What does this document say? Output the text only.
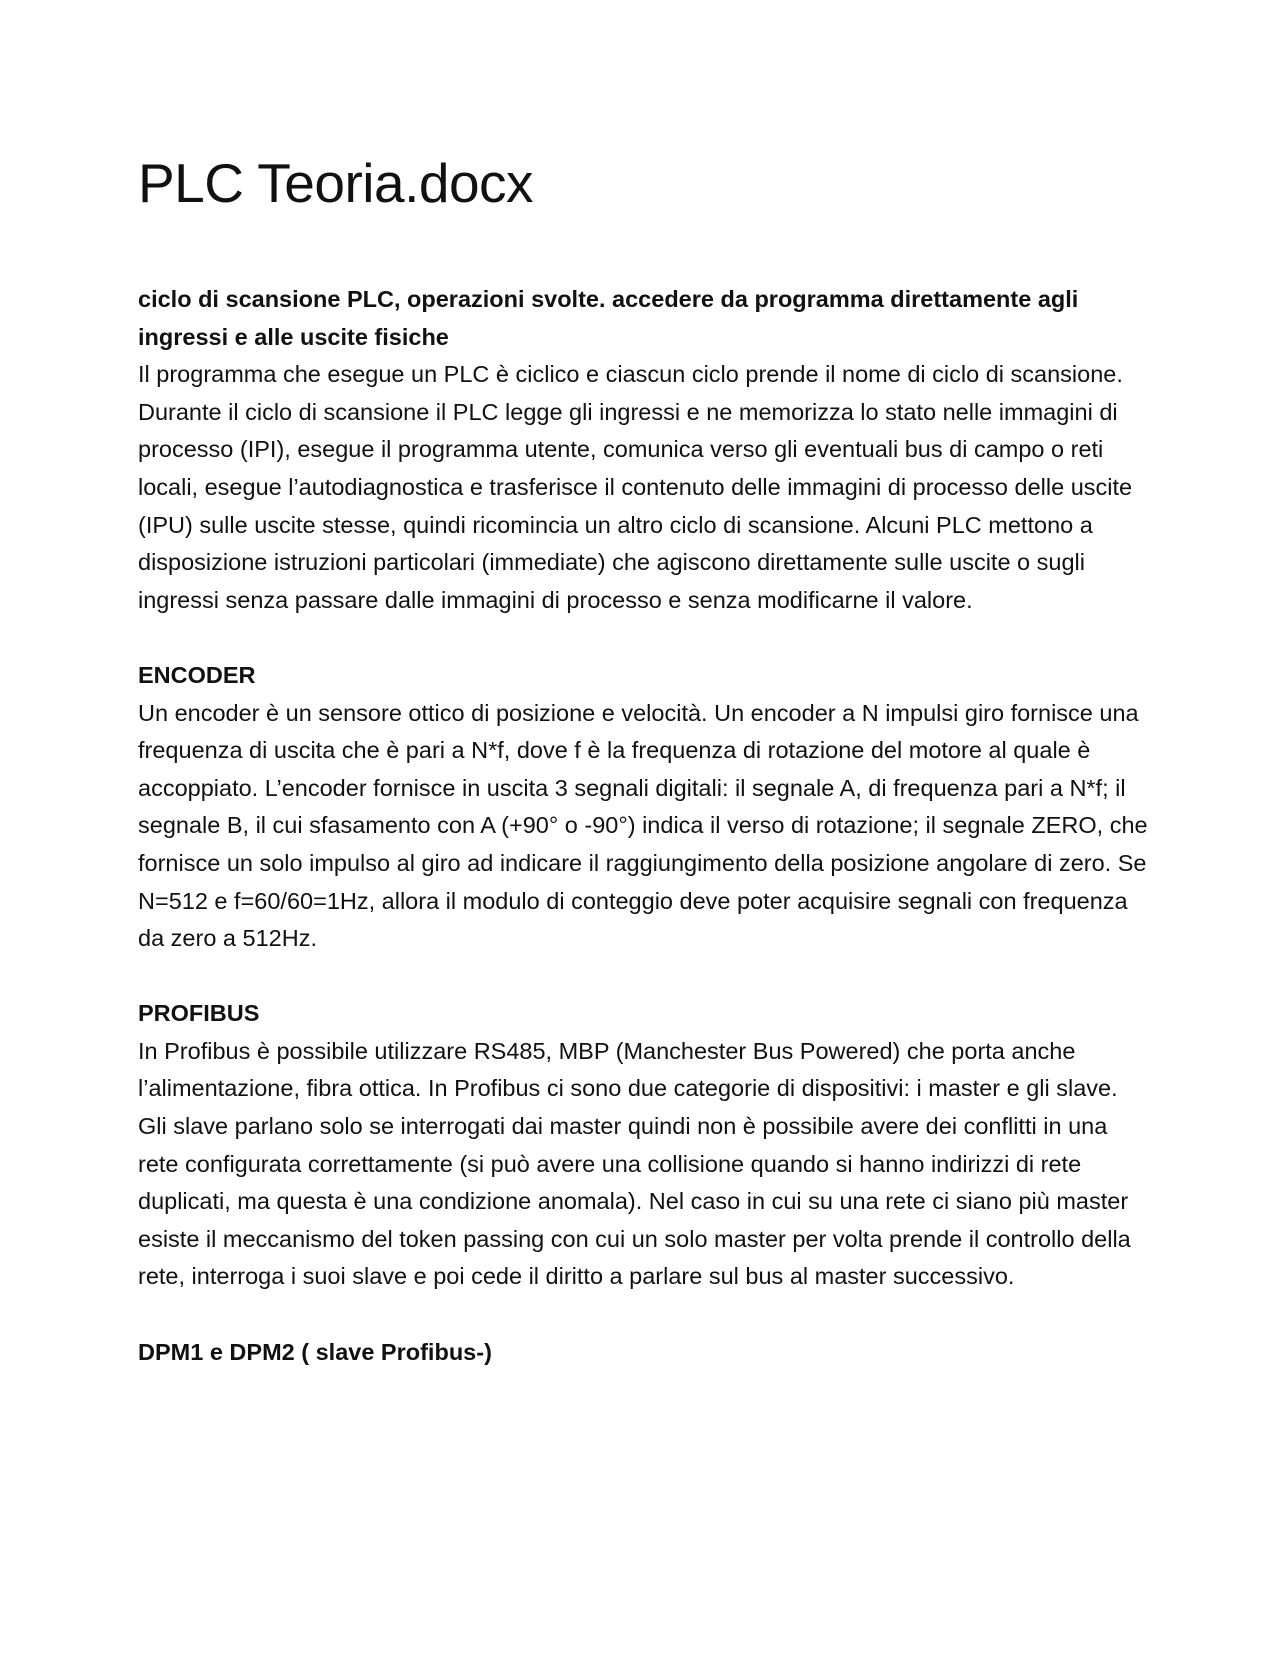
PLC Teoria.docx
ciclo di scansione PLC, operazioni svolte. accedere da programma direttamente agli ingressi e alle uscite fisiche
Il programma che esegue un PLC è ciclico e ciascun ciclo prende il nome di ciclo di scansione. Durante il ciclo di scansione il PLC legge gli ingressi e ne memorizza lo stato nelle immagini di processo (IPI), esegue il programma utente, comunica verso gli eventuali bus di campo o reti locali, esegue l’autodiagnostica e trasferisce il contenuto delle immagini di processo delle uscite (IPU) sulle uscite stesse, quindi ricomincia un altro ciclo di scansione. Alcuni PLC mettono a disposizione istruzioni particolari (immediate) che agiscono direttamente sulle uscite o sugli ingressi senza passare dalle immagini di processo e senza modificarne il valore.
ENCODER
Un encoder è un sensore ottico di posizione e velocità. Un encoder a N impulsi giro fornisce una frequenza di uscita che è pari a N*f, dove f è la frequenza di rotazione del motore al quale è accoppiato. L’encoder fornisce in uscita 3 segnali digitali: il segnale A, di frequenza pari a N*f; il segnale B, il cui sfasamento con A (+90° o -90°) indica il verso di rotazione; il segnale ZERO, che fornisce un solo impulso al giro ad indicare il raggiungimento della posizione angolare di zero. Se N=512 e f=60/60=1Hz, allora il modulo di conteggio deve poter acquisire segnali con frequenza da zero a 512Hz.
PROFIBUS
In Profibus è possibile utilizzare RS485, MBP (Manchester Bus Powered) che porta anche l’alimentazione, fibra ottica. In Profibus ci sono due categorie di dispositivi: i master e gli slave. Gli slave parlano solo se interrogati dai master quindi non è possibile avere dei conflitti in una rete configurata correttamente (si può avere una collisione quando si hanno indirizzi di rete duplicati, ma questa è una condizione anomala). Nel caso in cui su una rete ci siano più master
esiste il meccanismo del token passing con cui un solo master per volta prende il controllo della rete, interroga i suoi slave e poi cede il diritto a parlare sul bus al master successivo.
DPM1 e DPM2 ( slave Profibus-)
